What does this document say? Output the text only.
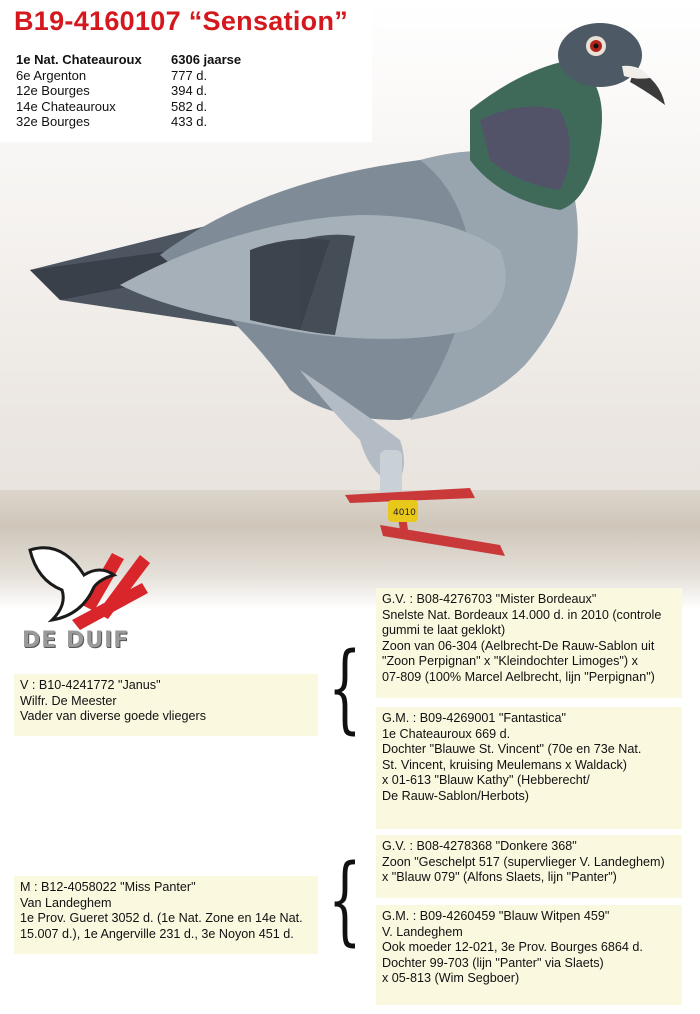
4010
B19-4160107 “Sensation”
1e Nat. Chateauroux	6306 jaarse
6e Argenton	777 d.
12e Bourges	394 d.
14e Chateauroux	582 d.
32e Bourges	433 d.
DE DUIF
G.V. : B08-4276703 "Mister Bordeaux"
Snelste Nat. Bordeaux 14.000 d. in 2010 (controle
gummi te laat geklokt)
Zoon van 06-304 (Aelbrecht-De Rauw-Sablon uit
"Zoon Perpignan" x "Kleindochter Limoges") x
07-809 (100% Marcel Aelbrecht, lijn "Perpignan")
G.M. : B09-4269001 "Fantastica"
1e Chateauroux 669 d.
Dochter "Blauwe St. Vincent" (70e en 73e Nat.
St. Vincent, kruising Meulemans x Waldack)
x 01-613 "Blauw Kathy" (Hebberecht/
De Rauw-Sablon/Herbots)
{
V : B10-4241772 "Janus"
Wilfr. De Meester
Vader van diverse goede vliegers
G.V. : B08-4278368 "Donkere 368"
Zoon "Geschelpt 517 (supervlieger V. Landeghem)
x "Blauw 079" (Alfons Slaets, lijn "Panter")
G.M. : B09-4260459 "Blauw Witpen 459"
V. Landeghem
Ook moeder 12-021, 3e Prov. Bourges 6864 d.
Dochter 99-703 (lijn "Panter" via Slaets)
x 05-813 (Wim Segboer)
{
M : B12-4058022 "Miss Panter"
Van Landeghem
1e Prov. Gueret 3052 d. (1e Nat. Zone en 14e Nat.
15.007 d.), 1e Angerville 231 d., 3e Noyon 451 d.
